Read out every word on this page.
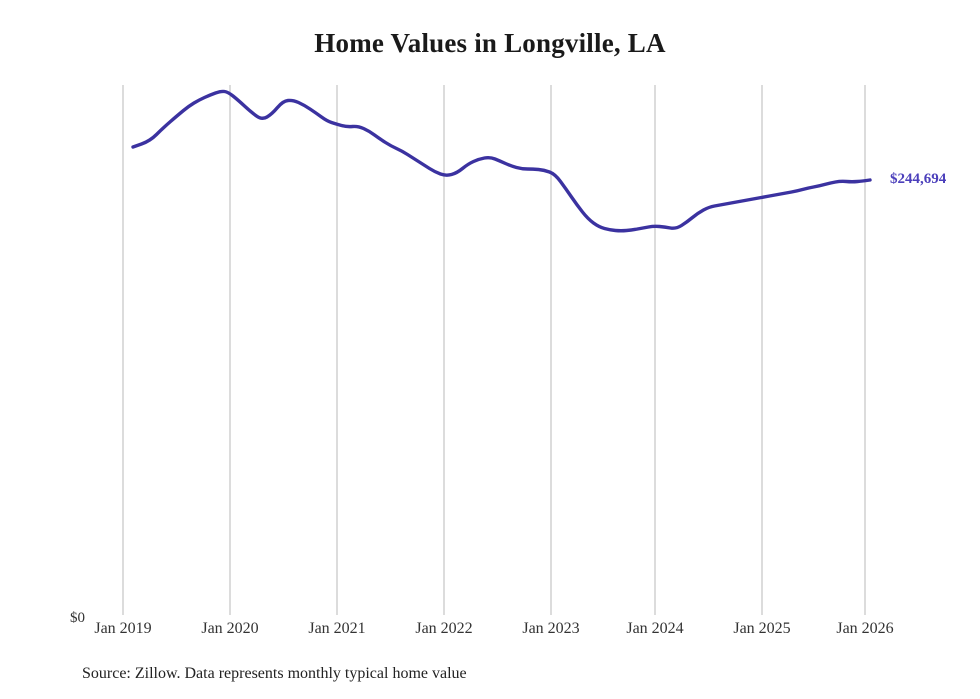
Home Values in Longville, LA
$0
Jan 2019	Jan 2020	Jan 2021	Jan 2022	Jan 2023	Jan 2024	Jan 2025	Jan 2026
$244,694
Source: Zillow. Data represents monthly typical home value
